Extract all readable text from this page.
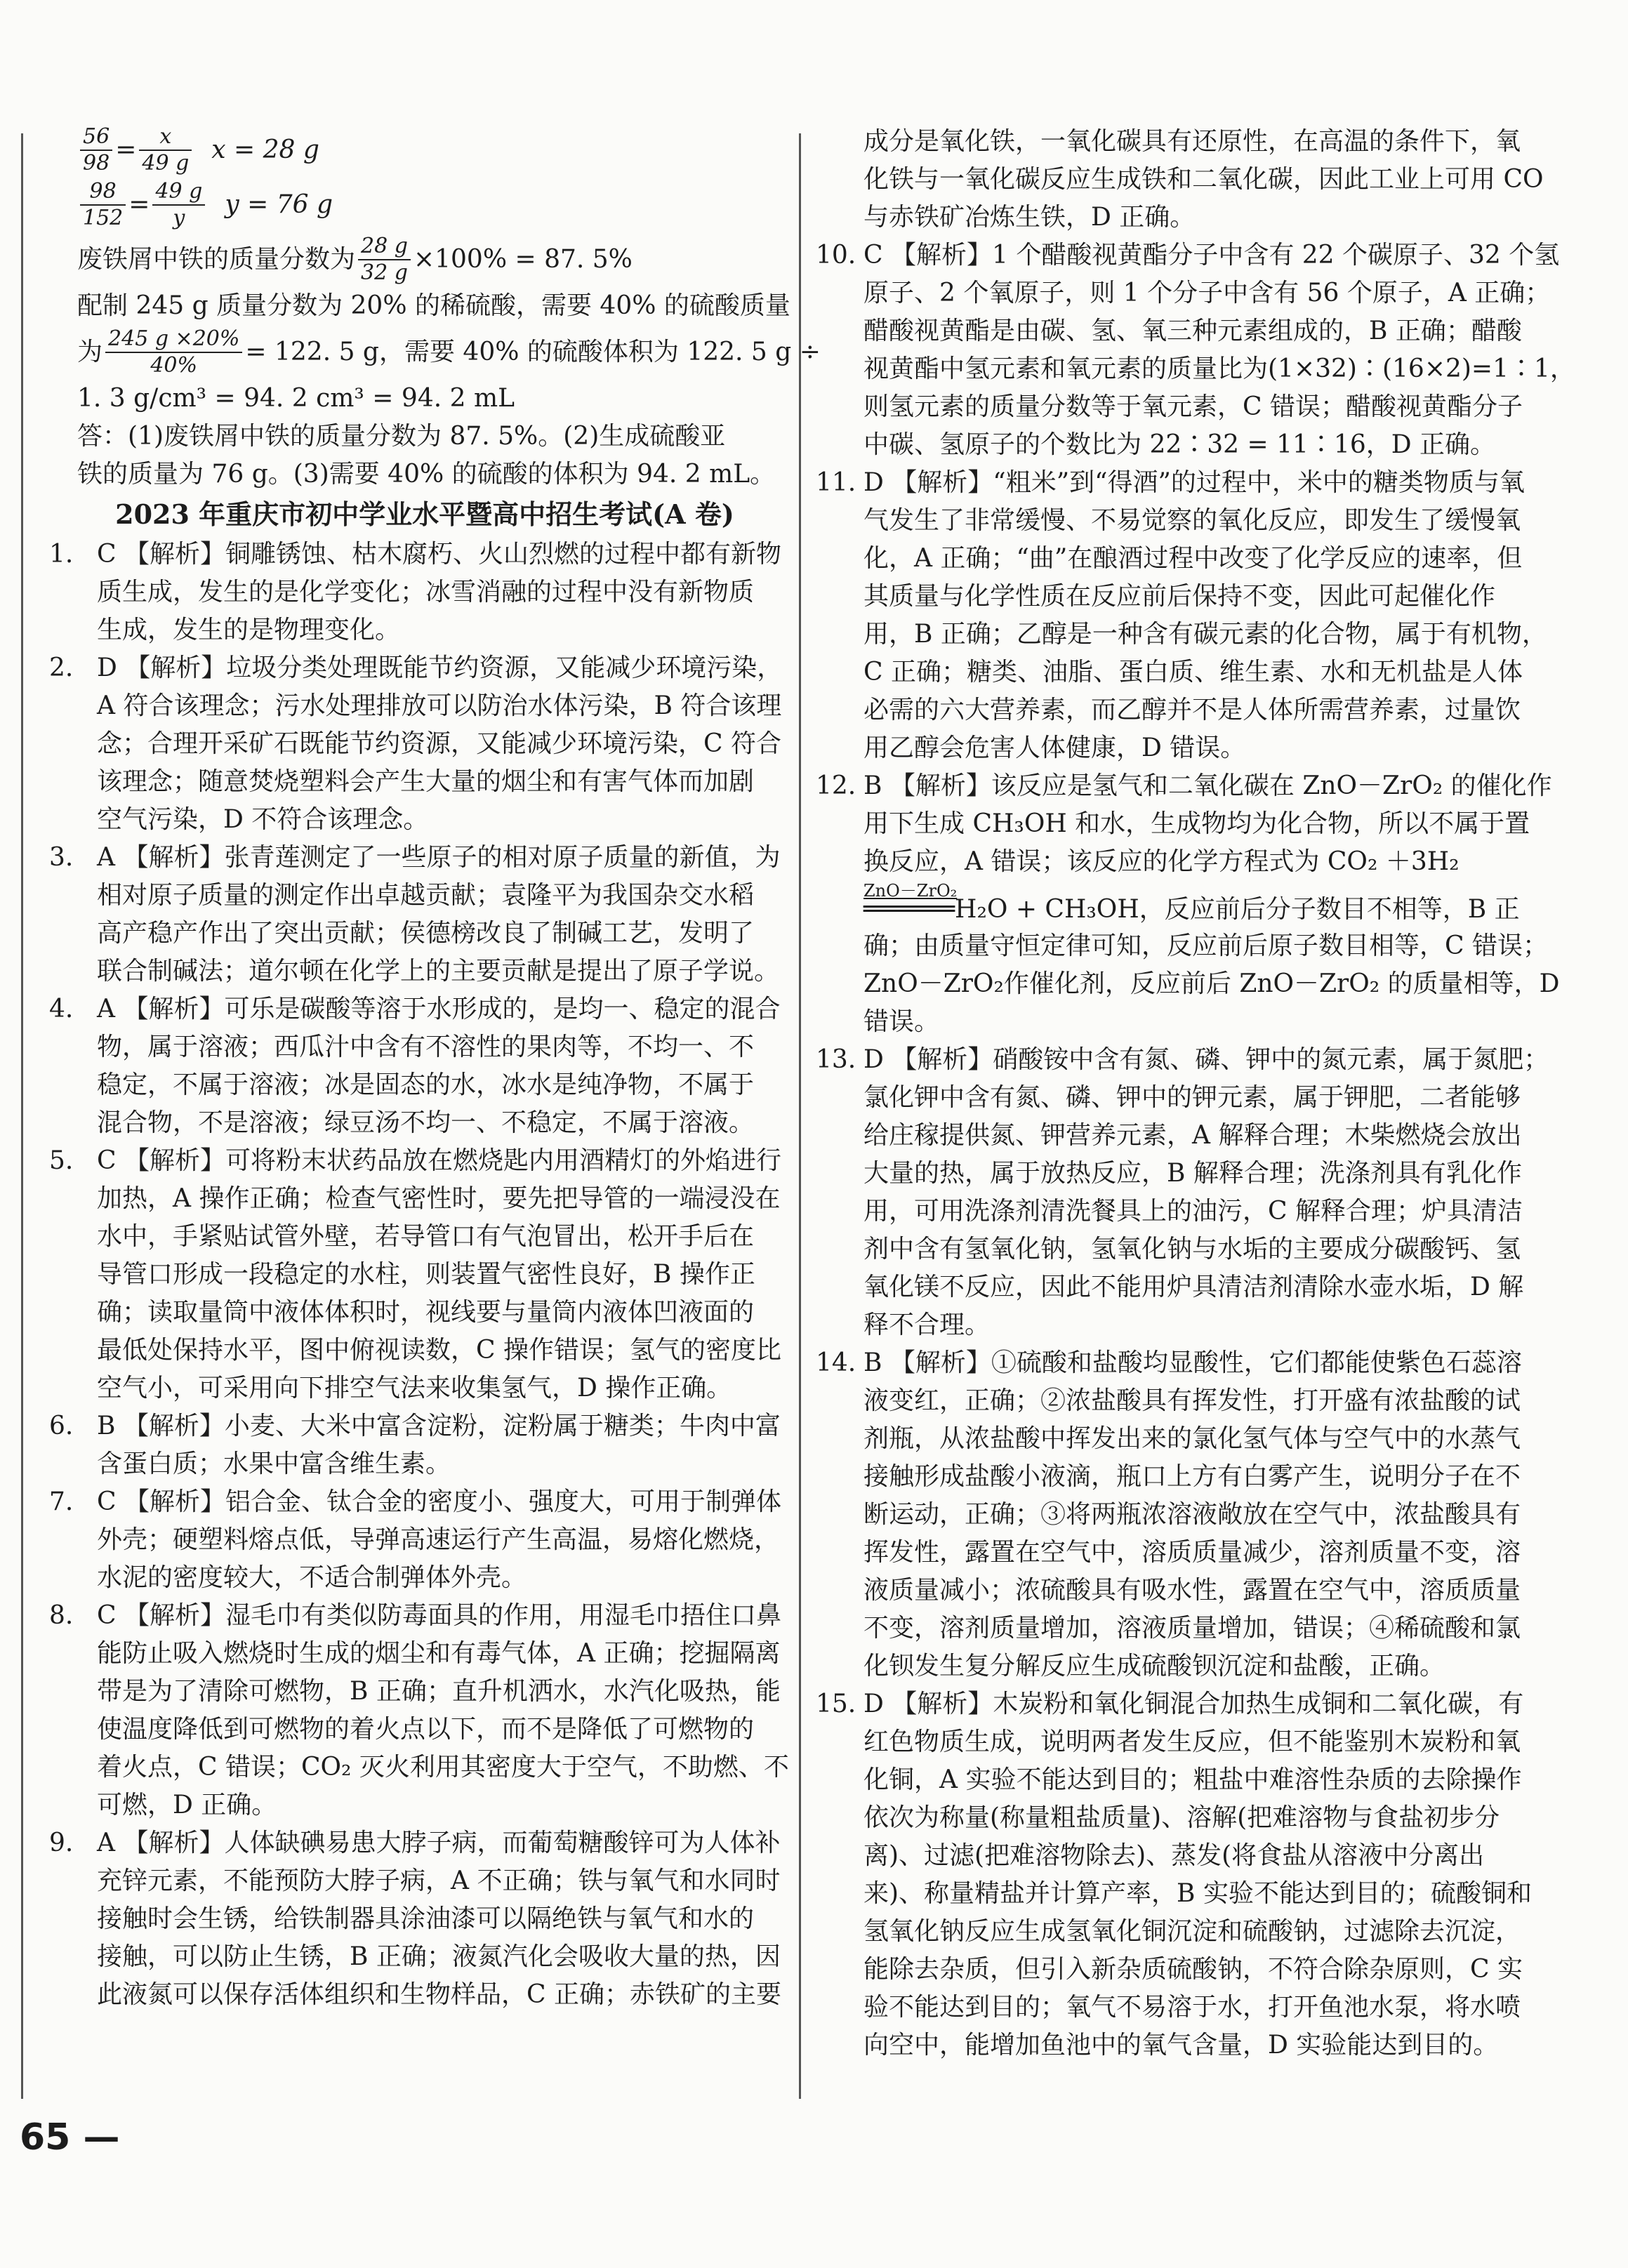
$\frac{56}{98} = \frac{x}{49 g}$ x = 28 g
$\frac{98}{152} = \frac{49 g}{y}$ y = 76 g
废铁屑中铁的质量分数为 $\frac{28 g}{32 g} \times 100\% = 87$. 5%
配制 245 g 质量分数为 20% 的稀硫酸，需要 40% 的硫酸质量
为 $\frac{245 g \times 20\%}{40\%} = 122$. 5 g，需要 40% 的硫酸体积为 122. 5 g ÷
1. 3 g/cm³ = 94. 2 cm³ = 94. 2 mL
答：(1)废铁屑中铁的质量分数为 87. 5%。(2)生成硫酸亚
铁的质量为 76 g。(3)需要 40% 的硫酸的体积为 94. 2 mL。
2023 年重庆市初中学业水平暨高中招生考试(A 卷)
1. C 【解析】铜雕锈蚀、枯木腐朽、火山烈燃的过程中都有新物
质生成，发生的是化学变化；冰雪消融的过程中没有新物质
生成，发生的是物理变化。
2. D 【解析】垃圾分类处理既能节约资源，又能减少环境污染，
A 符合该理念；污水处理排放可以防治水体污染，B 符合该理
念；合理开采矿石既能节约资源，又能减少环境污染，C 符合
该理念；随意焚烧塑料会产生大量的烟尘和有害气体而加剧
空气污染，D 不符合该理念。
3. A 【解析】张青莲测定了一些原子的相对原子质量的新值，为
相对原子质量的测定作出卓越贡献；袁隆平为我国杂交水稻
高产稳产作出了突出贡献；侯德榜改良了制碱工艺，发明了
联合制碱法；道尔顿在化学上的主要贡献是提出了原子学说。
4. A 【解析】可乐是碳酸等溶于水形成的，是均一、稳定的混合
物，属于溶液；西瓜汁中含有不溶性的果肉等，不均一、不
稳定，不属于溶液；冰是固态的水，冰水是纯净物，不属于
混合物，不是溶液；绿豆汤不均一、不稳定，不属于溶液。
5. C 【解析】可将粉末状药品放在燃烧匙内用酒精灯的外焰进行
加热，A 操作正确；检查气密性时，要先把导管的一端浸没在
水中，手紧贴试管外壁，若导管口有气泡冒出，松开手后在
导管口形成一段稳定的水柱，则装置气密性良好，B 操作正
确；读取量筒中液体体积时，视线要与量筒内液体凹液面的
最低处保持水平，图中俯视读数，C 操作错误；氢气的密度比
空气小，可采用向下排空气法来收集氢气，D 操作正确。
6. B 【解析】小麦、大米中富含淀粉，淀粉属于糖类；牛肉中富
含蛋白质；水果中富含维生素。
7. C 【解析】铝合金、钛合金的密度小、强度大，可用于制弹体
外壳；硬塑料熔点低，导弹高速运行产生高温，易熔化燃烧，
水泥的密度较大，不适合制弹体外壳。
8. C 【解析】湿毛巾有类似防毒面具的作用，用湿毛巾捂住口鼻
能防止吸入燃烧时生成的烟尘和有毒气体，A 正确；挖掘隔离
带是为了清除可燃物，B 正确；直升机洒水，水汽化吸热，能
使温度降低到可燃物的着火点以下，而不是降低了可燃物的
着火点，C 错误；CO₂ 灭火利用其密度大于空气，不助燃、不
可燃，D 正确。
9. A 【解析】人体缺碘易患大脖子病，而葡萄糖酸锌可为人体补
充锌元素，不能预防大脖子病，A 不正确；铁与氧气和水同时
接触时会生锈，给铁制器具涂油漆可以隔绝铁与氧气和水的
接触，可以防止生锈，B 正确；液氮汽化会吸收大量的热，因
此液氮可以保存活体组织和生物样品，C 正确；赤铁矿的主要
成分是氧化铁，一氧化碳具有还原性，在高温的条件下，氧
化铁与一氧化碳反应生成铁和二氧化碳，因此工业上可用 CO
与赤铁矿冶炼生铁，D 正确。
10. C 【解析】1 个醋酸视黄酯分子中含有 22 个碳原子、32 个氢
原子、2 个氧原子，则 1 个分子中含有 56 个原子，A 正确；
醋酸视黄酯是由碳、氢、氧三种元素组成的，B 正确；醋酸
视黄酯中氢元素和氧元素的质量比为(1×32)∶(16×2)=1∶1，
则氢元素的质量分数等于氧元素，C 错误；醋酸视黄酯分子
中碳、氢原子的个数比为 22∶32 = 11∶16，D 正确。
11. D 【解析】“粗米”到“得酒”的过程中，米中的糖类物质与氧
气发生了非常缓慢、不易觉察的氧化反应，即发生了缓慢氧
化，A 正确；“曲”在酿酒过程中改变了化学反应的速率，但
其质量与化学性质在反应前后保持不变，因此可起催化作
用，B 正确；乙醇是一种含有碳元素的化合物，属于有机物，
C 正确；糖类、油脂、蛋白质、维生素、水和无机盐是人体
必需的六大营养素，而乙醇并不是人体所需营养素，过量饮
用乙醇会危害人体健康，D 错误。
12. B 【解析】该反应是氢气和二氧化碳在 ZnO－ZrO₂ 的催化作
用下生成 CH₃OH 和水，生成物均为化合物，所以不属于置
换反应，A 错误；该反应的化学方程式为 CO₂ ＋3H₂
ZnO－ZrO₂
══════H₂O + CH₃OH，反应前后分子数目不相等，B 正
确；由质量守恒定律可知，反应前后原子数目相等，C 错误；
ZnO－ZrO₂作催化剂，反应前后 ZnO－ZrO₂ 的质量相等，D
错误。
13. D 【解析】硝酸铵中含有氮、磷、钾中的氮元素，属于氮肥；
氯化钾中含有氮、磷、钾中的钾元素，属于钾肥，二者能够
给庄稼提供氮、钾营养元素，A 解释合理；木柴燃烧会放出
大量的热，属于放热反应，B 解释合理；洗涤剂具有乳化作
用，可用洗涤剂清洗餐具上的油污，C 解释合理；炉具清洁
剂中含有氢氧化钠，氢氧化钠与水垢的主要成分碳酸钙、氢
氧化镁不反应，因此不能用炉具清洁剂清除水壶水垢，D 解
释不合理。
14. B 【解析】①硫酸和盐酸均显酸性，它们都能使紫色石蕊溶
液变红，正确；②浓盐酸具有挥发性，打开盛有浓盐酸的试
剂瓶，从浓盐酸中挥发出来的氯化氢气体与空气中的水蒸气
接触形成盐酸小液滴，瓶口上方有白雾产生，说明分子在不
断运动，正确；③将两瓶浓溶液敞放在空气中，浓盐酸具有
挥发性，露置在空气中，溶质质量减少，溶剂质量不变，溶
液质量减小；浓硫酸具有吸水性，露置在空气中，溶质质量
不变，溶剂质量增加，溶液质量增加，错误；④稀硫酸和氯
化钡发生复分解反应生成硫酸钡沉淀和盐酸，正确。
15. D 【解析】木炭粉和氧化铜混合加热生成铜和二氧化碳，有
红色物质生成，说明两者发生反应，但不能鉴别木炭粉和氧
化铜，A 实验不能达到目的；粗盐中难溶性杂质的去除操作
依次为称量(称量粗盐质量)、溶解(把难溶物与食盐初步分
离)、过滤(把难溶物除去)、蒸发(将食盐从溶液中分离出
来)、称量精盐并计算产率，B 实验不能达到目的；硫酸铜和
氢氧化钠反应生成氢氧化铜沉淀和硫酸钠，过滤除去沉淀，
能除去杂质，但引入新杂质硫酸钠，不符合除杂原则，C 实
验不能达到目的；氧气不易溶于水，打开鱼池水泵，将水喷
向空中，能增加鱼池中的氧气含量，D 实验能达到目的。
65 —
